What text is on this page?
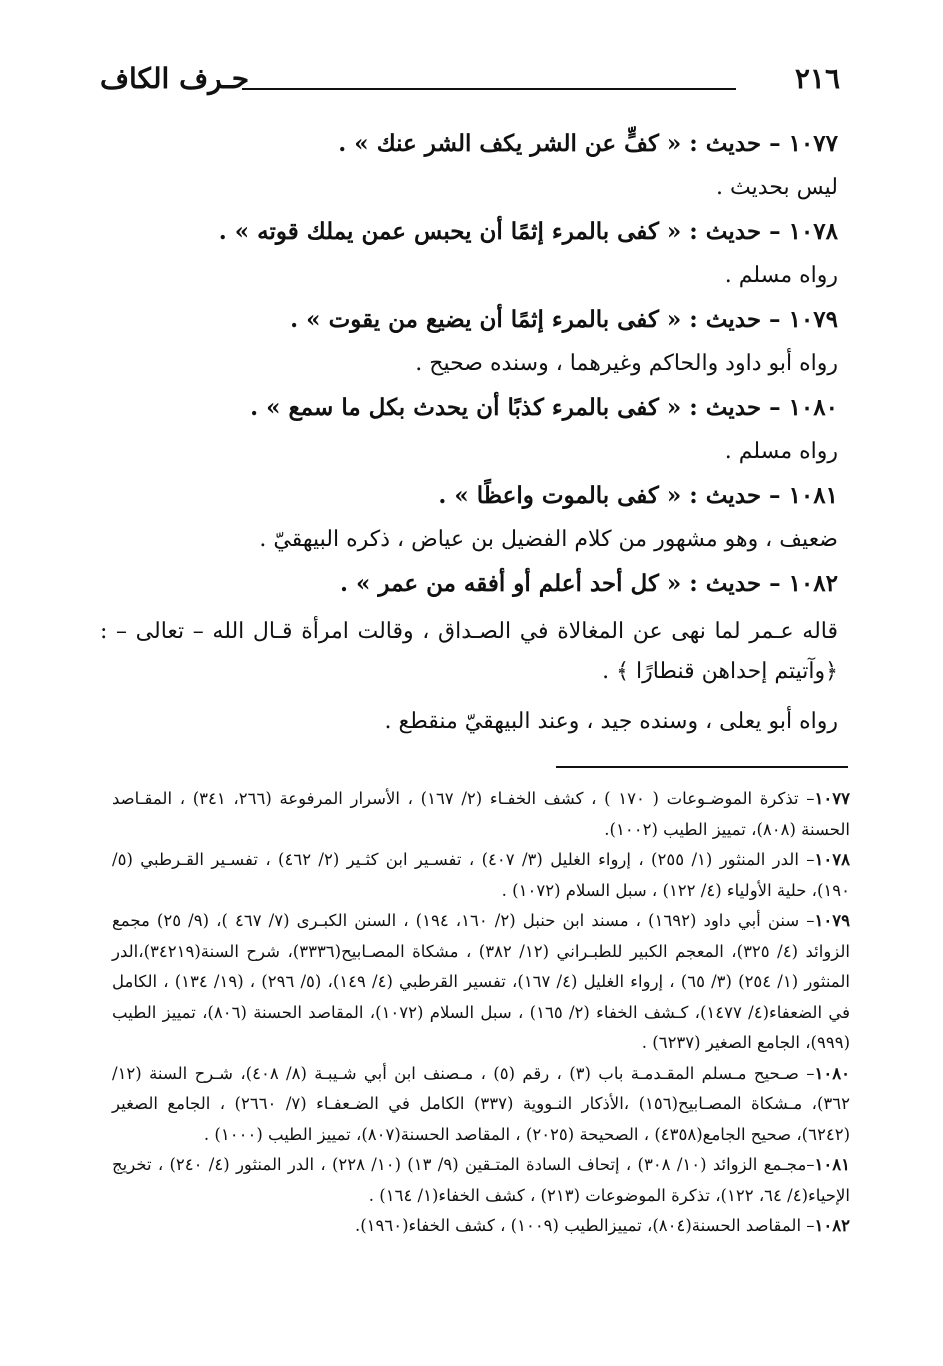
٢١٦
حـرف الكاف
١٠٧٧ – حديث : « كفٍّ عن الشر يكف الشر عنك » .
ليس بحديث .
١٠٧٨ – حديث : « كفى بالمرء إثمًا أن يحبس عمن يملك قوته » .
رواه مسلم .
١٠٧٩ – حديث : « كفى بالمرء إثمًا أن يضيع من يقوت » .
رواه أبو داود والحاكم وغيرهما ، وسنده صحيح .
١٠٨٠ – حديث : « كفى بالمرء كذبًا أن يحدث بكل ما سمع » .
رواه مسلم .
١٠٨١ – حديث : « كفى بالموت واعظًا » .
ضعيف ، وهو مشهور من كلام الفضيل بن عياض ، ذكره البيهقيّ .
١٠٨٢ – حديث : « كل أحد أعلم أو أفقه من عمر » .
قاله عـمر لما نهى عن المغالاة في الصـداق ، وقالت امرأة قـال الله – تعالى – : ﴿وآتيتم إحداهن قنطارًا ﴾ .
رواه أبو يعلى ، وسنده جيد ، وعند البيهقيّ منقطع .

١٠٧٧– تذكرة الموضـوعات ( ١٧٠ ) ، كشف الخفـاء (٢/ ١٦٧) ، الأسرار المرفوعة (٢٦٦، ٣٤١) ، المقـاصد الحسنة (٨٠٨)، تمييز الطيب (١٠٠٢).

١٠٧٨– الدر المنثور (١/ ٢٥٥) ، إرواء الغليل (٣/ ٤٠٧) ، تفسـير ابن كثـير (٢/ ٤٦٢) ، تفسـير القـرطبي (٥/ ١٩٠)، حلية الأولياء (٤/ ١٢٢) ، سبل السلام (١٠٧٢) .

١٠٧٩– سنن أبي داود (١٦٩٢) ، مسند ابن حنبل (٢/ ١٦٠، ١٩٤) ، السنن الكبـرى (٧/ ٤٦٧ )، (٩/ ٢٥) مجمع الزوائد (٤/ ٣٢٥)، المعجم الكبير للطبـراني (١٢/ ٣٨٢) ، مشكاة المصـابيح(٣٣٣٦)، شرح السنة(٣٤٢١٩)،الدر المنثور (١/ ٢٥٤) (٣/ ٦٥) ، إرواء الغليل (٤/ ١٦٧)، تفسير القرطبي (٤/ ١٤٩)، (٥/ ٢٩٦) ، (١٩/ ١٣٤) ، الكامل في الضعفاء(٤/ ١٤٧٧)، كـشف الخفاء (٢/ ١٦٥) ، سبل السلام (١٠٧٢)، المقاصد الحسنة (٨٠٦)، تمييز الطيب (٩٩٩)، الجامع الصغير (٦٢٣٧) .

١٠٨٠– صـحيح مـسلم المقـدمـة باب (٣) ، رقم (٥) ، مـصنف ابن أبي شـيبـة (٨/ ٤٠٨)، شـرح السنة (١٢/ ٣٦٢)، مـشكاة المصـابيح(١٥٦) ،الأذكار النـووية (٣٣٧) الكامل في الضـعفـاء (٧/ ٢٦٦٠) ، الجامع الصغير (٦٢٤٢)، صحيح الجامع(٤٣٥٨) ، الصحيحة (٢٠٢٥) ، المقاصد الحسنة(٨٠٧)، تمييز الطيب (١٠٠٠) .

١٠٨١–مجـمع الزوائد (١٠/ ٣٠٨) ، إتحاف السادة المتـقين (٩/ ١٣) (١٠/ ٢٢٨) ، الدر المنثور (٤/ ٢٤٠) ، تخريج الإحياء(٤/ ٦٤، ١٢٢)، تذكرة الموضوعات (٢١٣) ، كشف الخفاء(١/ ١٦٤) .

١٠٨٢– المقاصد الحسنة(٨٠٤)، تمييزالطيب (١٠٠٩) ، كشف الخفاء(١٩٦٠).
